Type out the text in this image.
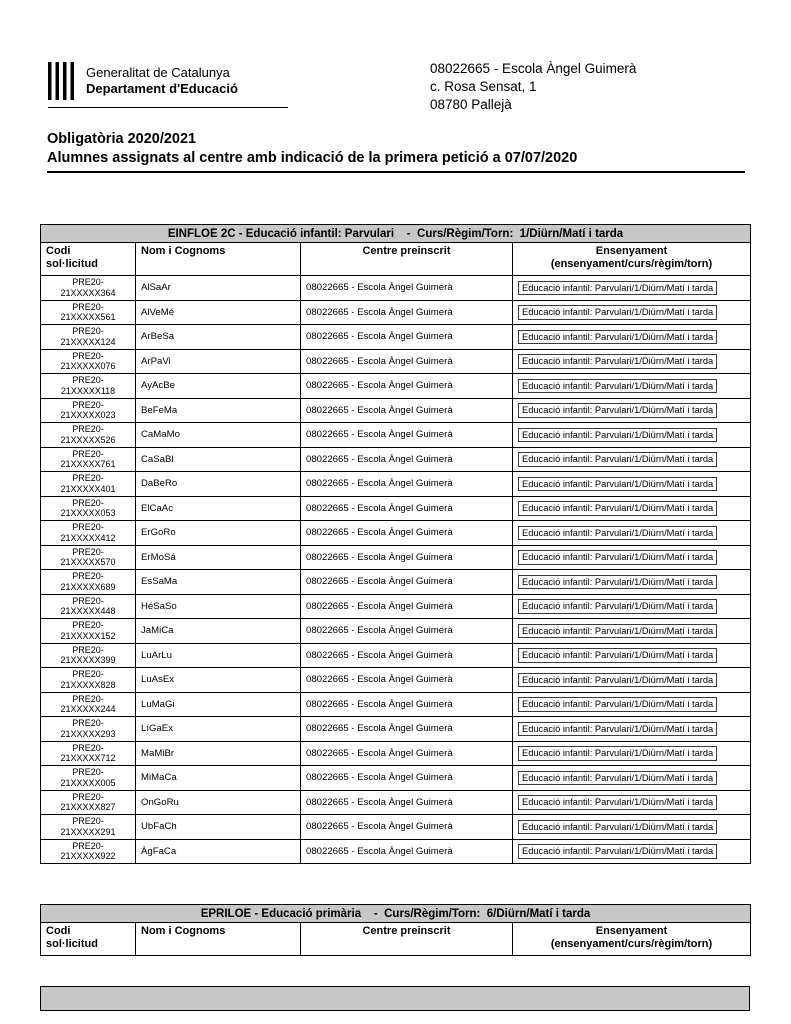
Generalitat de Catalunya
Departament d'Educació
08022665 - Escola Àngel Guimerà
c. Rosa Sensat, 1
08780 Pallejà
Obligatòria 2020/2021
Alumnes assignats al centre amb indicació de la primera petició a 07/07/2020
EINFLOE 2C - Educació infantil: Parvulari    -  Curs/Règim/Torn:  1/Diürn/Matí i tarda			

Codi
sol·licitud
	Nom i Cognoms	Centre preinscrit	Ensenyament
(ensenyament/curs/règim/torn)

PRE20-
21XXXXX364	AlSaAr	08022665 - Escola Àngel Guimerà	Educació infantil: Parvulari/1/Diürn/Matí i tarda

PRE20-
21XXXXX561	AlVeMé	08022665 - Escola Àngel Guimerà	Educació infantil: Parvulari/1/Diürn/Matí i tarda

PRE20-
21XXXXX124	ArBeSa	08022665 - Escola Àngel Guimerà	Educació infantil: Parvulari/1/Diürn/Matí i tarda

PRE20-
21XXXXX076	ArPaVi	08022665 - Escola Àngel Guimerà	Educació infantil: Parvulari/1/Diürn/Matí i tarda

PRE20-
21XXXXX118	AyAcBe	08022665 - Escola Àngel Guimerà	Educació infantil: Parvulari/1/Diürn/Matí i tarda

PRE20-
21XXXXX023	BeFeMa	08022665 - Escola Àngel Guimerà	Educació infantil: Parvulari/1/Diürn/Matí i tarda

PRE20-
21XXXXX526	CaMaMo	08022665 - Escola Àngel Guimerà	Educació infantil: Parvulari/1/Diürn/Matí i tarda

PRE20-
21XXXXX761	CaSaBl	08022665 - Escola Àngel Guimerà	Educació infantil: Parvulari/1/Diürn/Matí i tarda

PRE20-
21XXXXX401	DaBeRo	08022665 - Escola Àngel Guimerà	Educació infantil: Parvulari/1/Diürn/Matí i tarda

PRE20-
21XXXXX053	ElCaAc	08022665 - Escola Àngel Guimerà	Educació infantil: Parvulari/1/Diürn/Matí i tarda

PRE20-
21XXXXX412	ErGoRo	08022665 - Escola Àngel Guimerà	Educació infantil: Parvulari/1/Diürn/Matí i tarda

PRE20-
21XXXXX570	ErMoSá	08022665 - Escola Àngel Guimerà	Educació infantil: Parvulari/1/Diürn/Matí i tarda

PRE20-
21XXXXX689	EsSaMa	08022665 - Escola Àngel Guimerà	Educació infantil: Parvulari/1/Diürn/Matí i tarda

PRE20-
21XXXXX448	HéSaSo	08022665 - Escola Àngel Guimerà	Educació infantil: Parvulari/1/Diürn/Matí i tarda

PRE20-
21XXXXX152	JaMiCa	08022665 - Escola Àngel Guimerà	Educació infantil: Parvulari/1/Diürn/Matí i tarda

PRE20-
21XXXXX399	LuArLu	08022665 - Escola Àngel Guimerà	Educació infantil: Parvulari/1/Diürn/Matí i tarda

PRE20-
21XXXXX828	LuAsEx	08022665 - Escola Àngel Guimerà	Educació infantil: Parvulari/1/Diürn/Matí i tarda

PRE20-
21XXXXX244	LuMaGi	08022665 - Escola Àngel Guimerà	Educació infantil: Parvulari/1/Diürn/Matí i tarda

PRE20-
21XXXXX293	LíGaEx	08022665 - Escola Àngel Guimerà	Educació infantil: Parvulari/1/Diürn/Matí i tarda

PRE20-
21XXXXX712	MaMiBr	08022665 - Escola Àngel Guimerà	Educació infantil: Parvulari/1/Diürn/Matí i tarda

PRE20-
21XXXXX005	MiMaCa	08022665 - Escola Àngel Guimerà	Educació infantil: Parvulari/1/Diürn/Matí i tarda

PRE20-
21XXXXX827	OnGoRu	08022665 - Escola Àngel Guimerà	Educació infantil: Parvulari/1/Diürn/Matí i tarda

PRE20-
21XXXXX291	UbFaCh	08022665 - Escola Àngel Guimerà	Educació infantil: Parvulari/1/Diürn/Matí i tarda

PRE20-
21XXXXX922	ÀgFaCa	08022665 - Escola Àngel Guimerà	Educació infantil: Parvulari/1/Diürn/Matí i tarda
EPRILOE - Educació primària    -  Curs/Règim/Torn:  6/Diürn/Matí i tarda

Codi
sol·licitud
	Nom i Cognoms	Centre preinscrit	Ensenyament
(ensenyament/curs/règim/torn)
